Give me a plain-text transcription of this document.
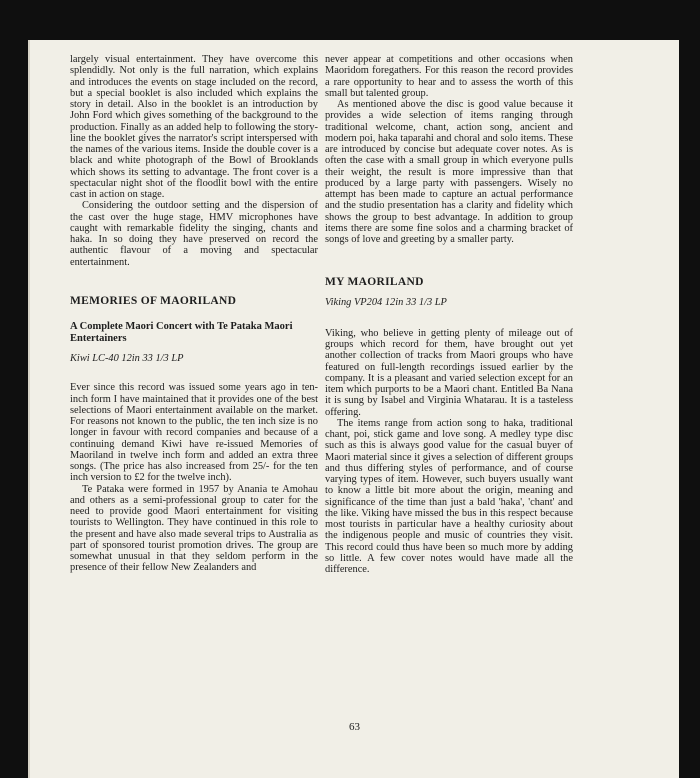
largely visual entertainment. They have overcome this splendidly. Not only is the full narration, which explains and introduces the events on stage included on the record, but a special booklet is also included which explains the story in detail. Also in the booklet is an introduction by John Ford which gives something of the background to the production. Finally as an added help to following the story-line the booklet gives the narrator's script interspersed with the names of the various items. Inside the double cover is a black and white photograph of the Bowl of Brooklands which shows its setting to advantage. The front cover is a spectacular night shot of the floodlit bowl with the entire cast in action on stage.

Considering the outdoor setting and the dispersion of the cast over the huge stage, HMV microphones have caught with remarkable fidelity the singing, chants and haka. In so doing they have preserved on record the authentic flavour of a moving and spectacular entertainment.

MEMORIES OF MAORILAND
A Complete Maori Concert with Te Pataka Maori Entertainers

Kiwi LC-40 12in 33 1/3 LP

Ever since this record was issued some years ago in ten-inch form I have maintained that it provides one of the best selections of Maori entertainment available on the market. For reasons not known to the public, the ten inch size is no longer in favour with record companies and because of a continuing demand Kiwi have re-issued Memories of Maoriland in twelve inch form and added an extra three songs. (The price has also increased from 25/- for the ten inch version to £2 for the twelve inch).

Te Pataka were formed in 1957 by Anania te Amohau and others as a semi-professional group to cater for the need to provide good Maori entertainment for visiting tourists to Wellington. They have continued in this role to the present and have also made several trips to Australia as part of sponsored tourist promotion drives. The group are somewhat unusual in that they seldom perform in the presence of their fellow New Zealanders and

never appear at competitions and other occasions when Maoridom foregathers. For this reason the record provides a rare opportunity to hear and to assess the worth of this small but talented group.

As mentioned above the disc is good value because it provides a wide selection of items ranging through traditional welcome, chant, action song, ancient and modern poi, haka taparahi and choral and solo items. These are introduced by concise but adequate cover notes. As is often the case with a small group in which everyone pulls their weight, the result is more impressive than that produced by a large party with passengers. Wisely no attempt has been made to capture an actual performance and the studio presentation has a clarity and fidelity which shows the group to best advantage. In addition to group items there are some fine solos and a charming bracket of songs of love and greeting by a smaller party.

MY MAORILAND

Viking VP204 12in 33 1/3 LP

Viking, who believe in getting plenty of mileage out of groups which record for them, have brought out yet another collection of tracks from Maori groups who have featured on full-length recordings issued earlier by the company. It is a pleasant and varied selection except for an item which purports to be a Maori chant. Entitled Ba Nana it is sung by Isabel and Virginia Whatarau. It is a tasteless offering.

The items range from action song to haka, traditional chant, poi, stick game and love song. A medley type disc such as this is always good value for the casual buyer of Maori material since it gives a selection of different groups and thus differing styles of performance, and of course varying types of item. However, such buyers usually want to know a little bit more about the origin, meaning and significance of the time than just a bald 'haka', 'chant' and the like. Viking have missed the bus in this respect because most tourists in particular have a healthy curiosity about the indigenous people and music of countries they visit. This record could thus have been so much more by adding so little. A few cover notes would have made all the difference.

63
